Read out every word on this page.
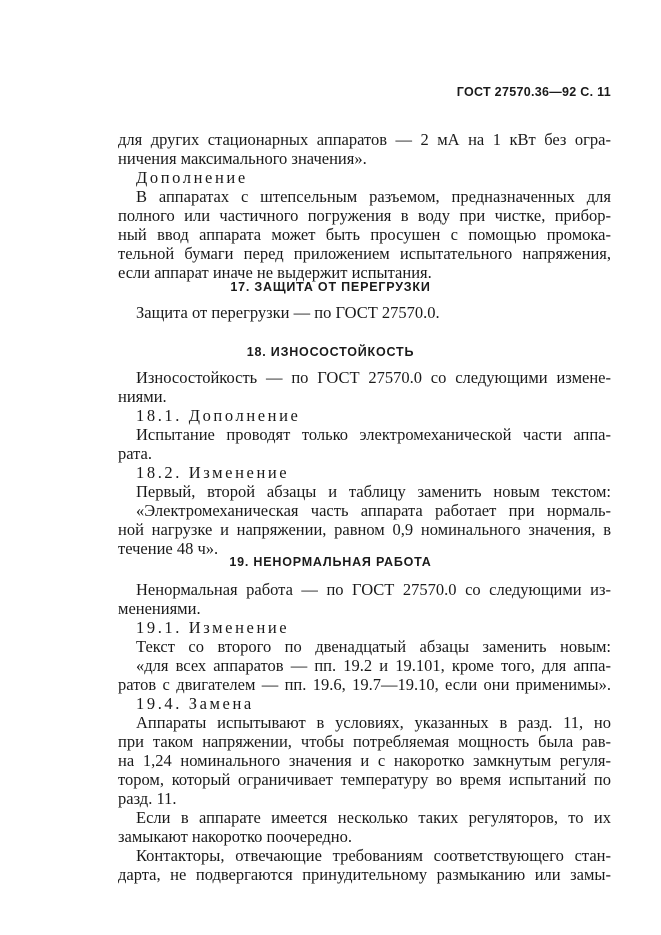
ГОСТ 27570.36—92 С. 11
для других стационарных аппаратов — 2 мА на 1 кВт без огра-
ничения максимального значения».
Дополнение
В аппаратах с штепсельным разъемом, предназначенных для
полного или частичного погружения в воду при чистке, прибор-
ный ввод аппарата может быть просушен с помощью промока-
тельной бумаги перед приложением испытательного напряжения,
если аппарат иначе не выдержит испытания.
17. ЗАЩИТА ОТ ПЕРЕГРУЗКИ
Защита от перегрузки — по ГОСТ 27570.0.
18. ИЗНОСОСТОЙКОСТЬ
Износостойкость — по ГОСТ 27570.0 со следующими измене-
ниями.
18.1. Дополнение
Испытание проводят только электромеханической части аппа-
рата.
18.2. Изменение
Первый, второй абзацы и таблицу заменить новым текстом:
«Электромеханическая часть аппарата работает при нормаль-
ной нагрузке и напряжении, равном 0,9 номинального значения, в
течение 48 ч».
19. НЕНОРМАЛЬНАЯ РАБОТА
Ненормальная работа — по ГОСТ 27570.0 со следующими из-
менениями.
19.1. Изменение
Текст со второго по двенадцатый абзацы заменить новым:
«для всех аппаратов — пп. 19.2 и 19.101, кроме того, для аппа-
ратов с двигателем — пп. 19.6, 19.7—19.10, если они применимы».
19.4. Замена
Аппараты испытывают в условиях, указанных в разд. 11, но
при таком напряжении, чтобы потребляемая мощность была рав-
на 1,24 номинального значения и с накоротко замкнутым регуля-
тором, который ограничивает температуру во время испытаний по
разд. 11.
Если в аппарате имеется несколько таких регуляторов, то их
замыкают накоротко поочередно.
Контакторы, отвечающие требованиям соответствующего стан-
дарта, не подвергаются принудительному размыканию или замы-
